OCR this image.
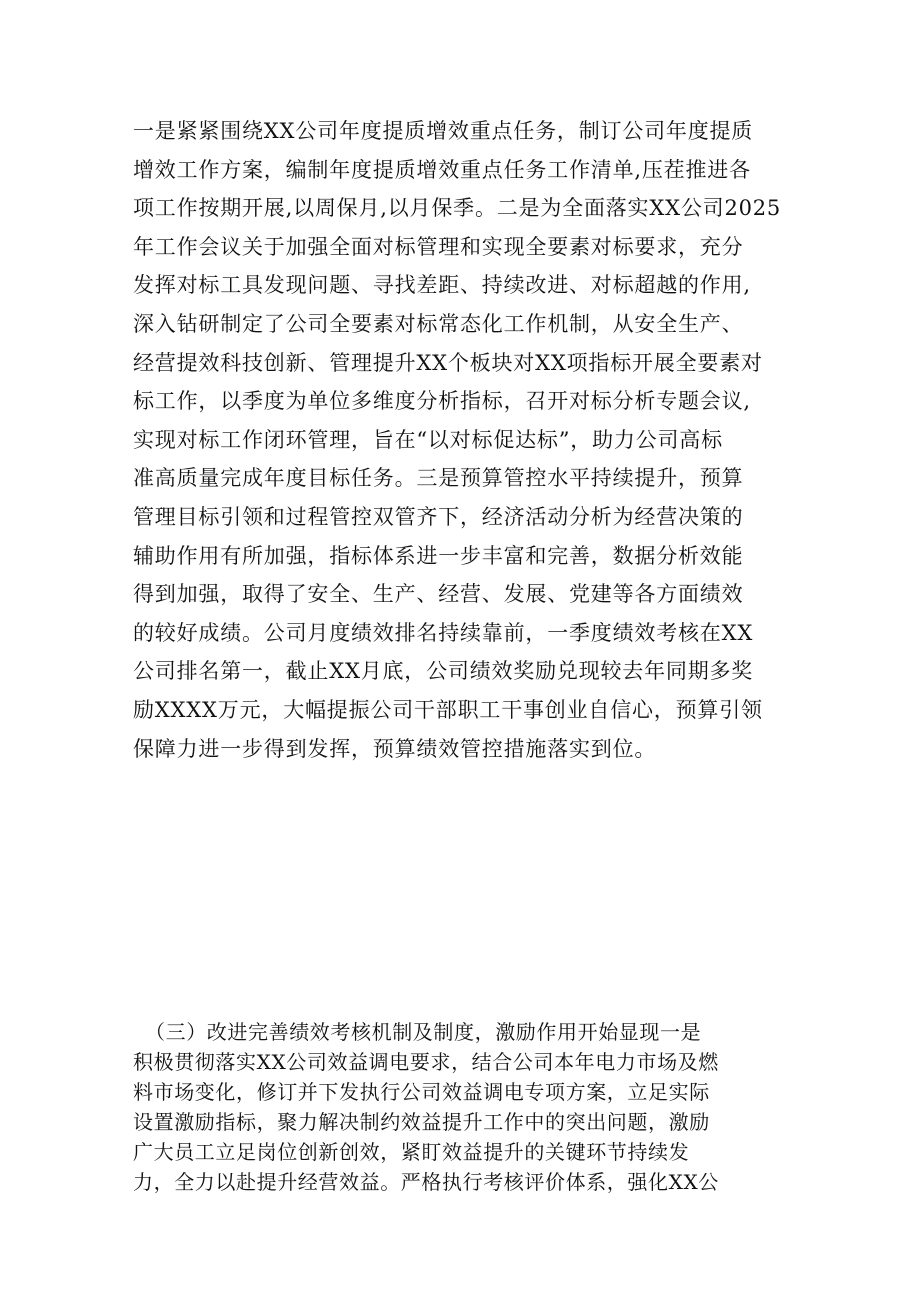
一是紧紧围绕XX公司年度提质增效重点任务，制订公司年度提质
增效工作方案，编制年度提质增效重点任务工作清单,压茬推进各
项工作按期开展,以周保月,以月保季。二是为全面落实XX公司2025
年工作会议关于加强全面对标管理和实现全要素对标要求，充分
发挥对标工具发现问题、寻找差距、持续改进、对标超越的作用,
深入钻研制定了公司全要素对标常态化工作机制，从安全生产、
经营提效科技创新、管理提升XX个板块对XX项指标开展全要素对
标工作，以季度为单位多维度分析指标，召开对标分析专题会议,
实现对标工作闭环管理，旨在“以对标促达标”，助力公司高标
准高质量完成年度目标任务。三是预算管控水平持续提升，预算
管理目标引领和过程管控双管齐下，经济活动分析为经营决策的
辅助作用有所加强，指标体系进一步丰富和完善，数据分析效能
得到加强，取得了安全、生产、经营、发展、党建等各方面绩效
的较好成绩。公司月度绩效排名持续靠前，一季度绩效考核在XX
公司排名第一，截止XX月底，公司绩效奖励兑现较去年同期多奖
励XXXX万元，大幅提振公司干部职工干事创业自信心，预算引领
保障力进一步得到发挥，预算绩效管控措施落实到位。
（三）改进完善绩效考核机制及制度，激励作用开始显现一是
积极贯彻落实XX公司效益调电要求，结合公司本年电力市场及燃
料市场变化，修订并下发执行公司效益调电专项方案，立足实际
设置激励指标，聚力解决制约效益提升工作中的突出问题，激励
广大员工立足岗位创新创效，紧盯效益提升的关键环节持续发
力，全力以赴提升经营效益。严格执行考核评价体系，强化XX公
